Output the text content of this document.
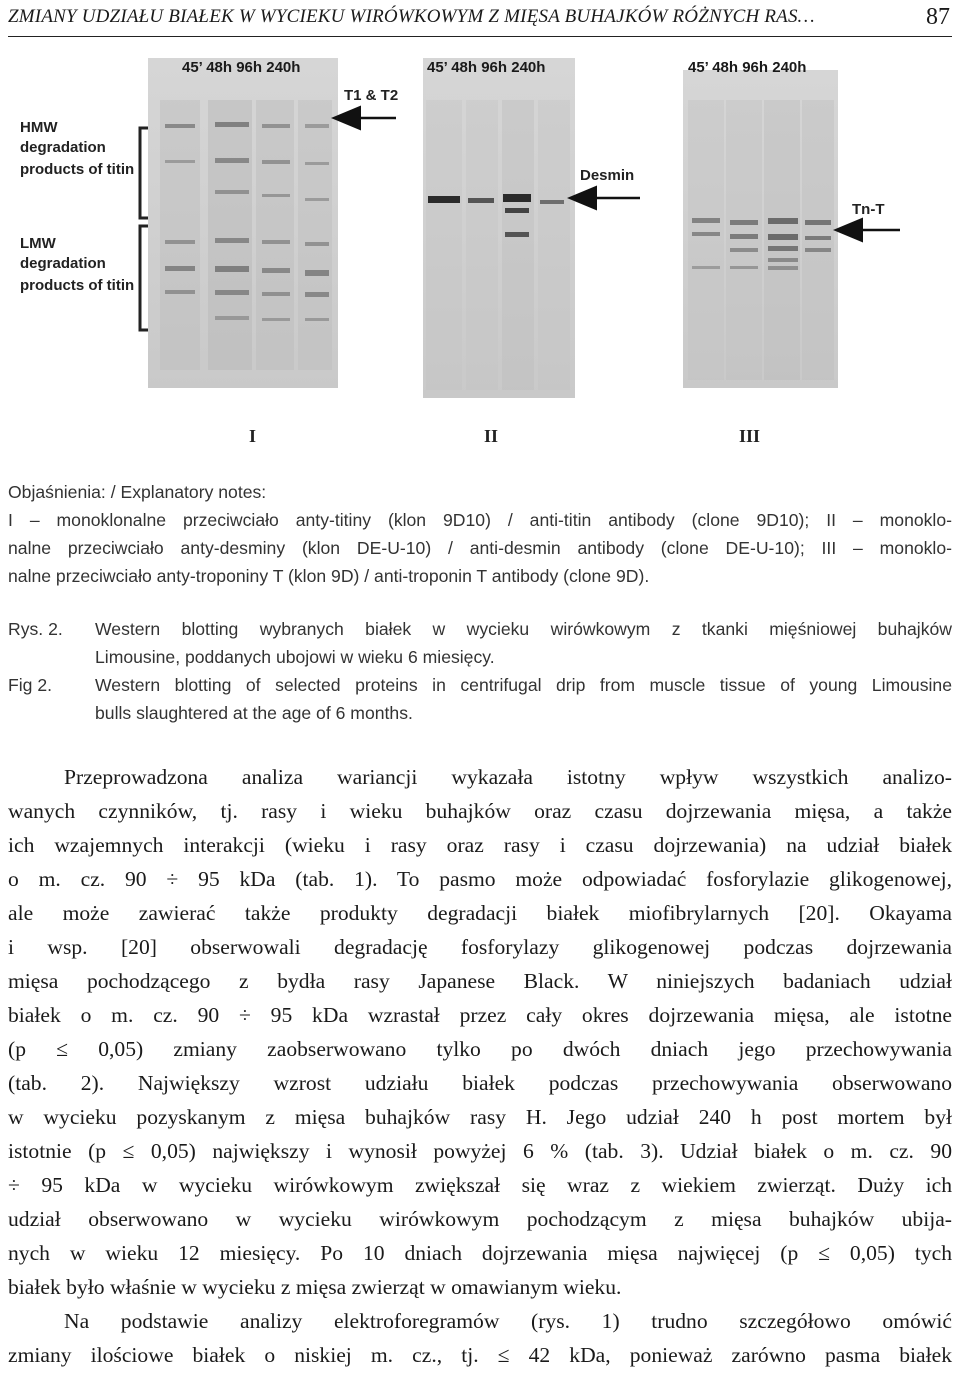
ZMIANY UDZIAŁU BIAŁEK W WYCIEKU WIRÓWKOWYM Z MIĘSA BUHAJKÓW RÓŻNYCH RAS…	87
45’ 48h 96h 240h
HMW
degradation
products of titin
LMW
degradation
products of titin
T1 & T2
I
45’ 48h 96h 240h
Desmin
II
45’ 48h 96h 240h
Tn-T
III
Objaśnienia: / Explanatory notes:
I – monoklonalne przeciwciało anty-titiny (klon 9D10) / anti-titin antibody (clone 9D10); II – monoklo-
nalne przeciwciało anty-desminy (klon DE-U-10) / anti-desmin antibody (clone DE-U-10); III – monoklo-
nalne przeciwciało anty-troponiny T (klon 9D) / anti-troponin T antibody (clone 9D).
Rys. 2. Western blotting wybranych białek w wycieku wirówkowym z tkanki mięśniowej buhajków
Limousine, poddanych ubojowi w wieku 6 miesięcy.
Fig 2. Western blotting of selected proteins in centrifugal drip from muscle tissue of young Limousine
bulls slaughtered at the age of 6 months.
Przeprowadzona analiza wariancji wykazała istotny wpływ wszystkich analizo-
wanych czynników, tj. rasy i wieku buhajków oraz czasu dojrzewania mięsa, a także
ich wzajemnych interakcji (wieku i rasy oraz rasy i czasu dojrzewania) na udział białek
o m. cz. 90 ÷ 95 kDa (tab. 1). To pasmo może odpowiadać fosforylazie glikogenowej,
ale może zawierać także produkty degradacji białek miofibrylarnych [20]. Okayama
i wsp. [20] obserwowali degradację fosforylazy glikogenowej podczas dojrzewania
mięsa pochodzącego z bydła rasy Japanese Black. W niniejszych badaniach udział
białek o m. cz. 90 ÷ 95 kDa wzrastał przez cały okres dojrzewania mięsa, ale istotne
(p ≤ 0,05) zmiany zaobserwowano tylko po dwóch dniach jego przechowywania
(tab. 2). Największy wzrost udziału białek podczas przechowywania obserwowano
w wycieku pozyskanym z mięsa buhajków rasy H. Jego udział 240 h post mortem był
istotnie (p ≤ 0,05) największy i wynosił powyżej 6 % (tab. 3). Udział białek o m. cz. 90
÷ 95 kDa w wycieku wirówkowym zwiększał się wraz z wiekiem zwierząt. Duży ich
udział obserwowano w wycieku wirówkowym pochodzącym z mięsa buhajków ubija-
nych w wieku 12 miesięcy. Po 10 dniach dojrzewania mięsa najwięcej (p ≤ 0,05) tych
białek było właśnie w wycieku z mięsa zwierząt w omawianym wieku.
Na podstawie analizy elektroforegramów (rys. 1) trudno szczegółowo omówić
zmiany ilościowe białek o niskiej m. cz., tj. ≤ 42 kDa, ponieważ zarówno pasma białek
